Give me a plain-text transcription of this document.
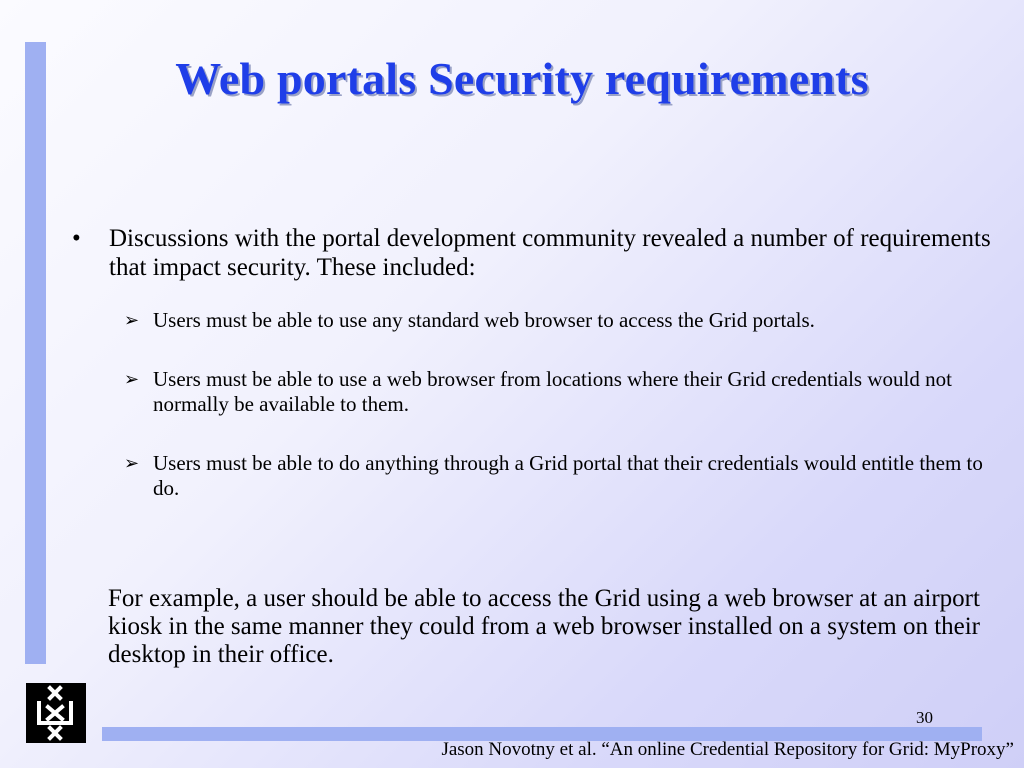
Web portals Security requirements
• Discussions with the portal development community revealed a number of requirements that impact security. These included:
➢ Users must be able to use any standard web browser to access the Grid portals.
➢ Users must be able to use a web browser from locations where their Grid credentials would not normally be available to them.
➢ Users must be able to do anything through a Grid portal that their credentials would entitle them to do.
For example, a user should be able to access the Grid using a web browser at an airport kiosk in the same manner they could from a web browser installed on a system on their desktop in their office.
30
Jason Novotny et al. “An online Credential Repository for Grid: MyProxy”
